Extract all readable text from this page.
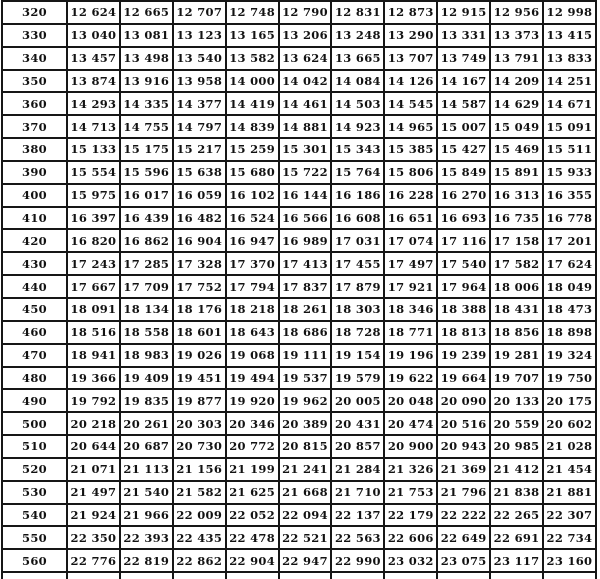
320	12 624	12 665	12 707	12 748	12 790	12 831	12 873	12 915	12 956	12 998
330	13 040	13 081	13 123	13 165	13 206	13 248	13 290	13 331	13 373	13 415
340	13 457	13 498	13 540	13 582	13 624	13 665	13 707	13 749	13 791	13 833
350	13 874	13 916	13 958	14 000	14 042	14 084	14 126	14 167	14 209	14 251
360	14 293	14 335	14 377	14 419	14 461	14 503	14 545	14 587	14 629	14 671
370	14 713	14 755	14 797	14 839	14 881	14 923	14 965	15 007	15 049	15 091
380	15 133	15 175	15 217	15 259	15 301	15 343	15 385	15 427	15 469	15 511
390	15 554	15 596	15 638	15 680	15 722	15 764	15 806	15 849	15 891	15 933
400	15 975	16 017	16 059	16 102	16 144	16 186	16 228	16 270	16 313	16 355
410	16 397	16 439	16 482	16 524	16 566	16 608	16 651	16 693	16 735	16 778
420	16 820	16 862	16 904	16 947	16 989	17 031	17 074	17 116	17 158	17 201
430	17 243	17 285	17 328	17 370	17 413	17 455	17 497	17 540	17 582	17 624
440	17 667	17 709	17 752	17 794	17 837	17 879	17 921	17 964	18 006	18 049
450	18 091	18 134	18 176	18 218	18 261	18 303	18 346	18 388	18 431	18 473
460	18 516	18 558	18 601	18 643	18 686	18 728	18 771	18 813	18 856	18 898
470	18 941	18 983	19 026	19 068	19 111	19 154	19 196	19 239	19 281	19 324
480	19 366	19 409	19 451	19 494	19 537	19 579	19 622	19 664	19 707	19 750
490	19 792	19 835	19 877	19 920	19 962	20 005	20 048	20 090	20 133	20 175
500	20 218	20 261	20 303	20 346	20 389	20 431	20 474	20 516	20 559	20 602
510	20 644	20 687	20 730	20 772	20 815	20 857	20 900	20 943	20 985	21 028
520	21 071	21 113	21 156	21 199	21 241	21 284	21 326	21 369	21 412	21 454
530	21 497	21 540	21 582	21 625	21 668	21 710	21 753	21 796	21 838	21 881
540	21 924	21 966	22 009	22 052	22 094	22 137	22 179	22 222	22 265	22 307
550	22 350	22 393	22 435	22 478	22 521	22 563	22 606	22 649	22 691	22 734
560	22 776	22 819	22 862	22 904	22 947	22 990	23 032	23 075	23 117	23 160
